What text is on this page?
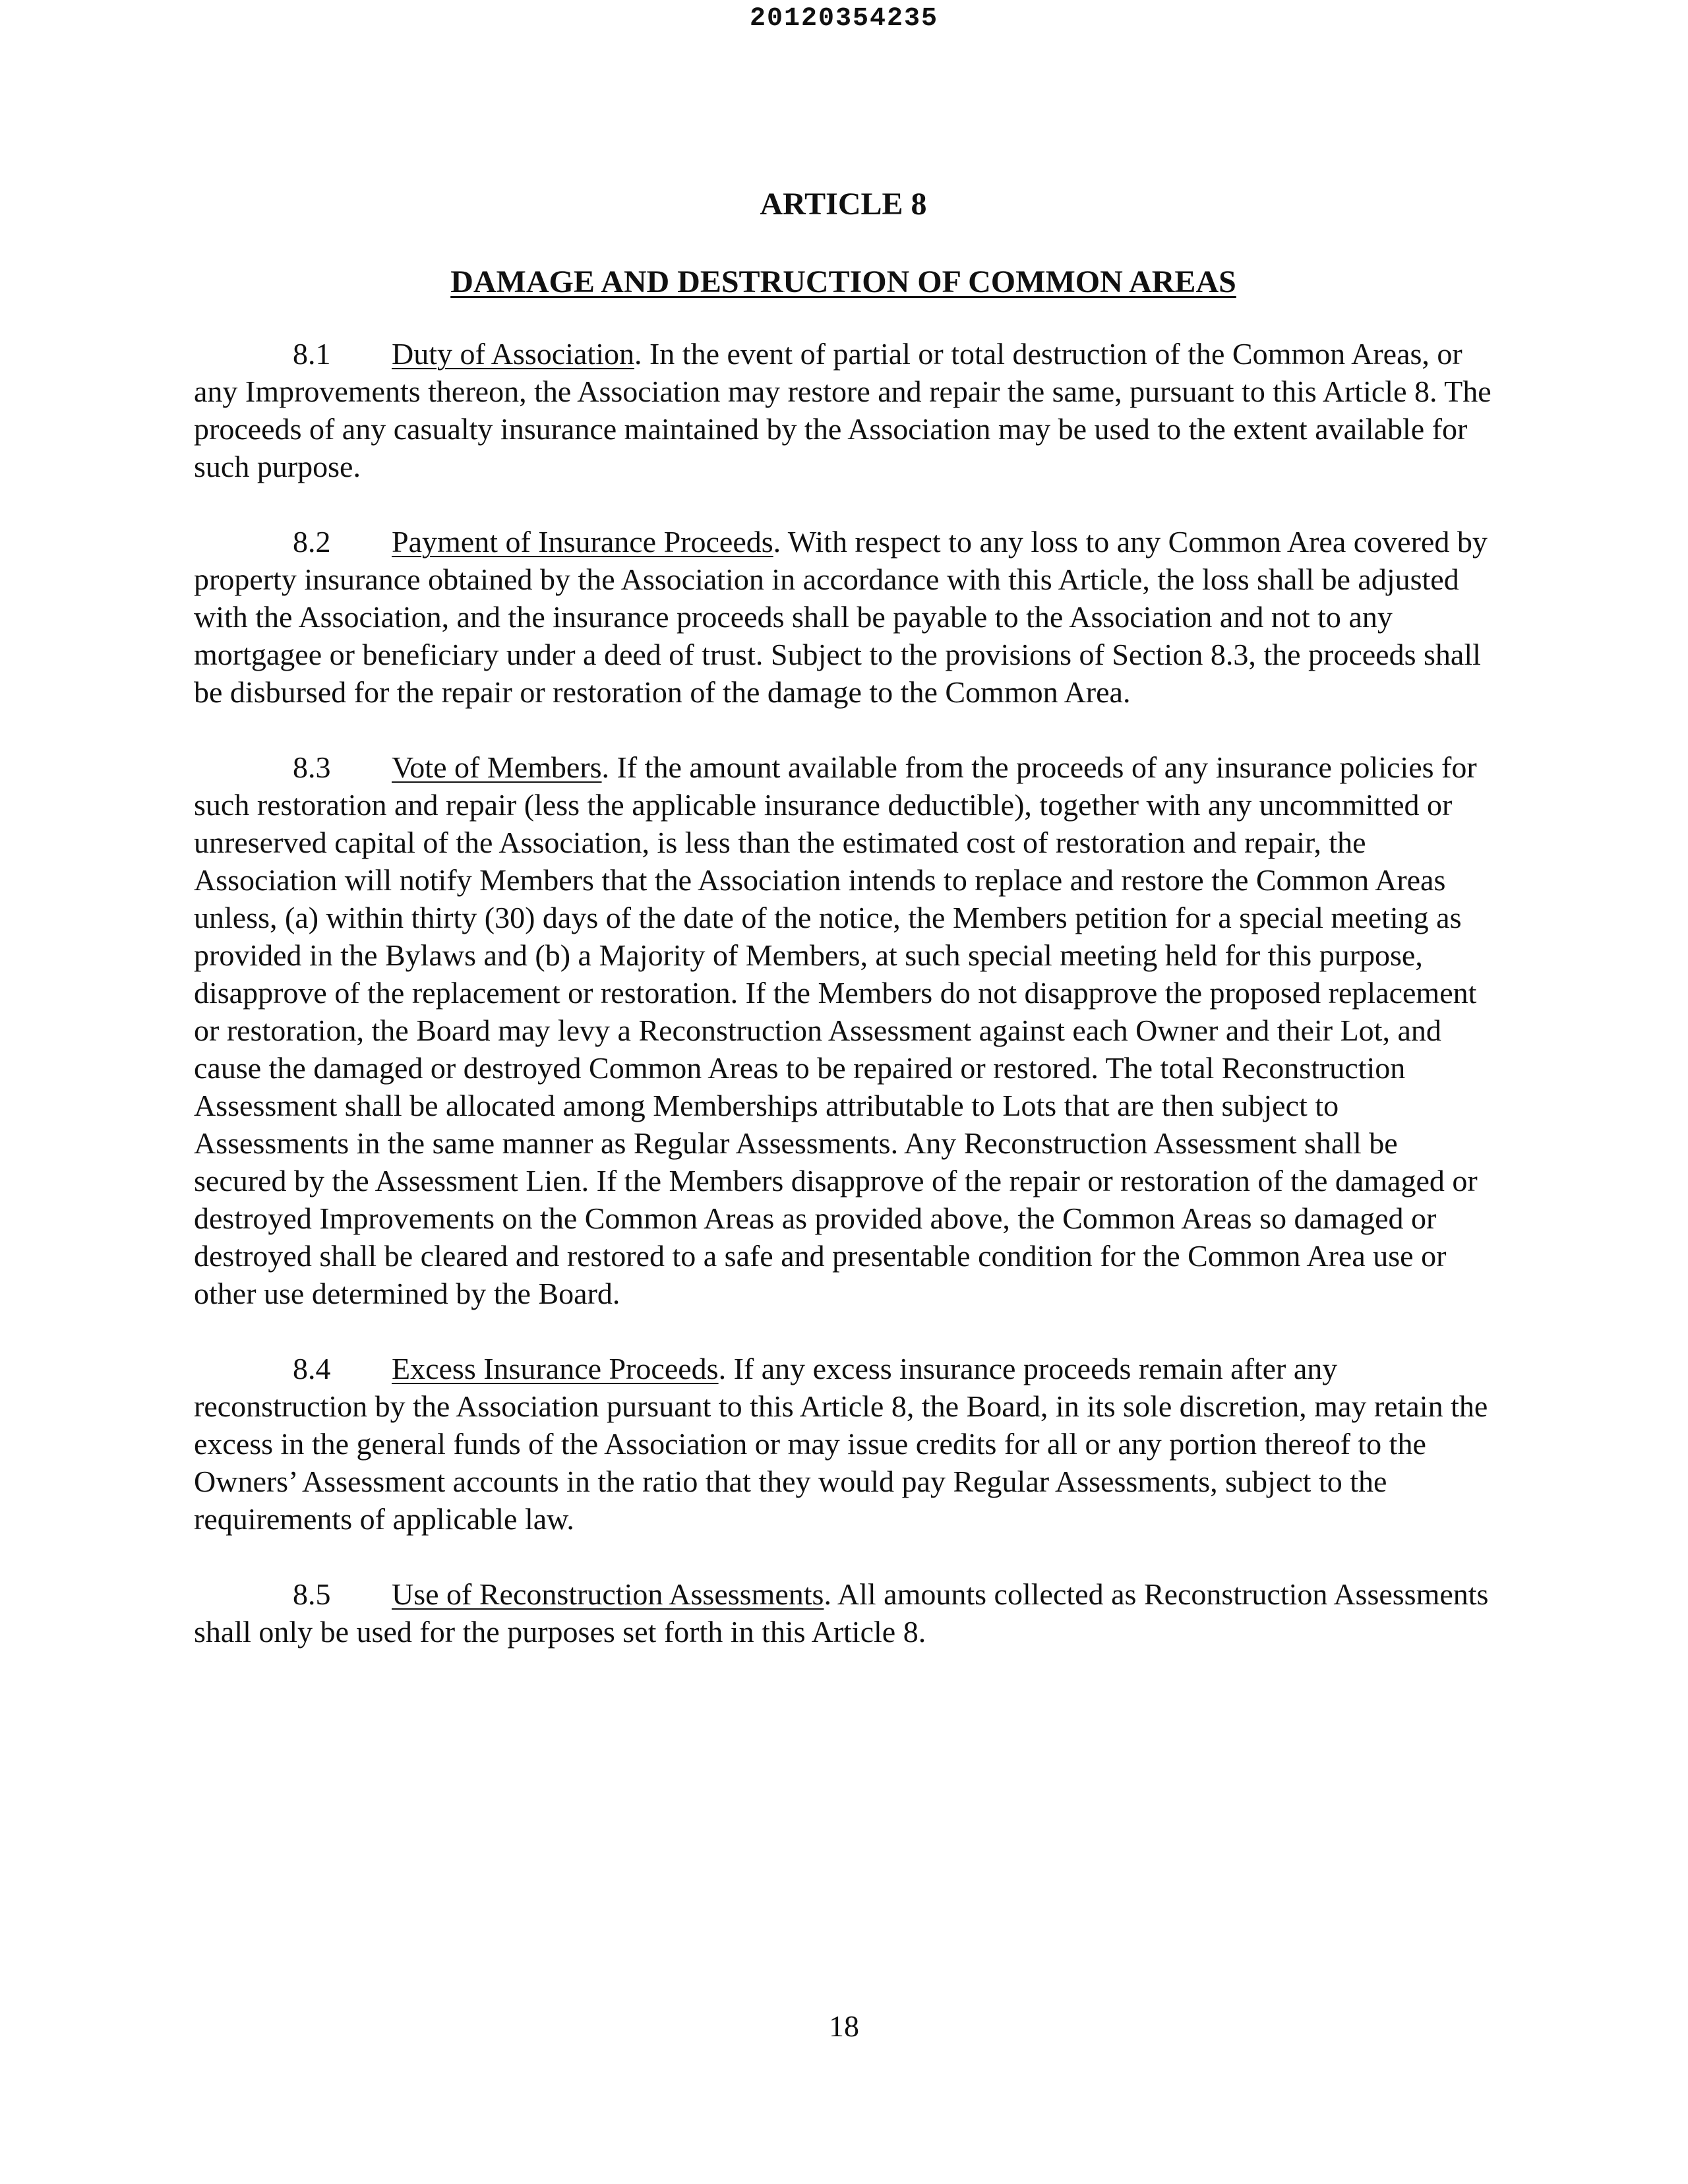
20120354235
ARTICLE 8
DAMAGE AND DESTRUCTION OF COMMON AREAS

8.1 Duty of Association. In the event of partial or total destruction of the Common Areas, or any Improvements thereon, the Association may restore and repair the same, pursuant to this Article 8. The proceeds of any casualty insurance maintained by the Association may be used to the extent available for such purpose.

8.2 Payment of Insurance Proceeds. With respect to any loss to any Common Area covered by property insurance obtained by the Association in accordance with this Article, the loss shall be adjusted with the Association, and the insurance proceeds shall be payable to the Association and not to any mortgagee or beneficiary under a deed of trust. Subject to the provisions of Section 8.3, the proceeds shall be disbursed for the repair or restoration of the damage to the Common Area.

8.3 Vote of Members. If the amount available from the proceeds of any insurance policies for such restoration and repair (less the applicable insurance deductible), together with any uncommitted or unreserved capital of the Association, is less than the estimated cost of restoration and repair, the Association will notify Members that the Association intends to replace and restore the Common Areas unless, (a) within thirty (30) days of the date of the notice, the Members petition for a special meeting as provided in the Bylaws and (b) a Majority of Members, at such special meeting held for this purpose, disapprove of the replacement or restoration. If the Members do not disapprove the proposed replacement or restoration, the Board may levy a Reconstruction Assessment against each Owner and their Lot, and cause the damaged or destroyed Common Areas to be repaired or restored. The total Reconstruction Assessment shall be allocated among Memberships attributable to Lots that are then subject to Assessments in the same manner as Regular Assessments. Any Reconstruction Assessment shall be secured by the Assessment Lien. If the Members disapprove of the repair or restoration of the damaged or destroyed Improvements on the Common Areas as provided above, the Common Areas so damaged or destroyed shall be cleared and restored to a safe and presentable condition for the Common Area use or other use determined by the Board.

8.4 Excess Insurance Proceeds. If any excess insurance proceeds remain after any reconstruction by the Association pursuant to this Article 8, the Board, in its sole discretion, may retain the excess in the general funds of the Association or may issue credits for all or any portion thereof to the Owners’ Assessment accounts in the ratio that they would pay Regular Assessments, subject to the requirements of applicable law.

8.5 Use of Reconstruction Assessments. All amounts collected as Reconstruction Assessments shall only be used for the purposes set forth in this Article 8.

18
